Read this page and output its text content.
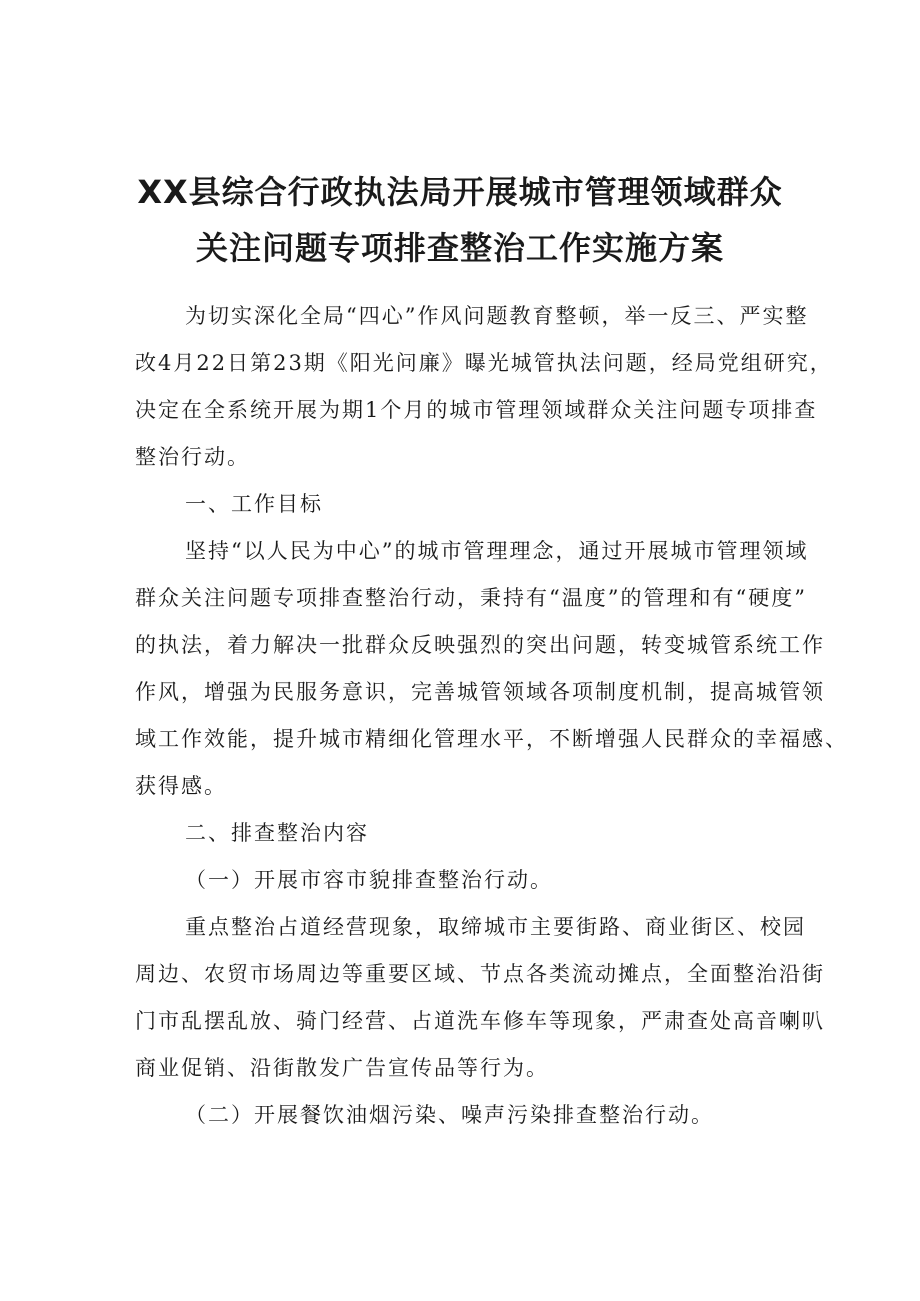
XX县综合行政执法局开展城市管理领域群众
关注问题专项排查整治工作实施方案

为切实深化全局“四心”作风问题教育整顿，举一反三、严实整

改4月22日第23期《阳光问廉》曝光城管执法问题，经局党组研究，

决定在全系统开展为期1个月的城市管理领域群众关注问题专项排查

整治行动。

一、工作目标

坚持“以人民为中心”的城市管理理念，通过开展城市管理领域

群众关注问题专项排查整治行动，秉持有“温度”的管理和有“硬度”

的执法，着力解决一批群众反映强烈的突出问题，转变城管系统工作

作风，增强为民服务意识，完善城管领域各项制度机制，提高城管领

域工作效能，提升城市精细化管理水平，不断增强人民群众的幸福感、

获得感。

二、排查整治内容

（一）开展市容市貌排查整治行动。

重点整治占道经营现象，取缔城市主要街路、商业街区、校园

周边、农贸市场周边等重要区域、节点各类流动摊点，全面整治沿街

门市乱摆乱放、骑门经营、占道洗车修车等现象，严肃查处高音喇叭

商业促销、沿街散发广告宣传品等行为。

（二）开展餐饮油烟污染、噪声污染排查整治行动。
